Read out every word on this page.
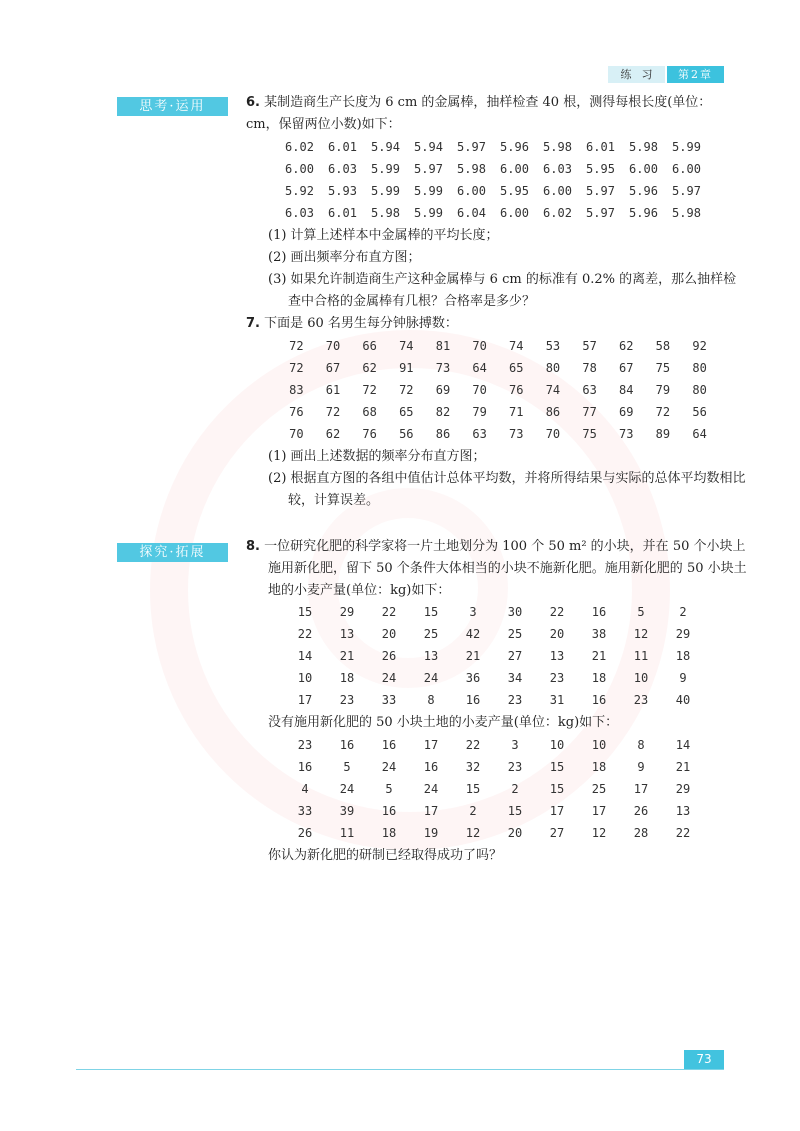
练习	第2章
思考·运用
探究·拓展

6. 某制造商生产长度为 6 cm 的金属棒，抽样检查 40 根，测得每根长度(单位：cm，保留两位小数)如下：

6.02	6.01	5.94	5.94	5.97	5.96	5.98	6.01	5.98	5.99
6.00	6.03	5.99	5.97	5.98	6.00	6.03	5.95	6.00	6.00
5.92	5.93	5.99	5.99	6.00	5.95	6.00	5.97	5.96	5.97
6.03	6.01	5.98	5.99	6.04	6.00	6.02	5.97	5.96	5.98

(1) 计算上述样本中金属棒的平均长度；

(2) 画出频率分布直方图；

(3) 如果允许制造商生产这种金属棒与 6 cm 的标准有 0.2% 的离差，那么抽样检查中合格的金属棒有几根？合格率是多少？

7. 下面是 60 名男生每分钟脉搏数：

72	70	66	74	81	70	74	53	57	62	58	92
72	67	62	91	73	64	65	80	78	67	75	80
83	61	72	72	69	70	76	74	63	84	79	80
76	72	68	65	82	79	71	86	77	69	72	56
70	62	76	56	86	63	73	70	75	73	89	64

(1) 画出上述数据的频率分布直方图；

(2) 根据直方图的各组中值估计总体平均数，并将所得结果与实际的总体平均数相比较，计算误差。

8. 一位研究化肥的科学家将一片土地划分为 100 个 50 m² 的小块，并在 50 个小块上施用新化肥，留下 50 个条件大体相当的小块不施新化肥。施用新化肥的 50 小块土地的小麦产量(单位：kg)如下：

15	29	22	15	3	30	22	16	5	2
22	13	20	25	42	25	20	38	12	29
14	21	26	13	21	27	13	21	11	18
10	18	24	24	36	34	23	18	10	9
17	23	33	8	16	23	31	16	23	40

没有施用新化肥的 50 小块土地的小麦产量(单位：kg)如下：

23	16	16	17	22	3	10	10	8	14
16	5	24	16	32	23	15	18	9	21
4	24	5	24	15	2	15	25	17	29
33	39	16	17	2	15	17	17	26	13
26	11	18	19	12	20	27	12	28	22

你认为新化肥的研制已经取得成功了吗？

73
